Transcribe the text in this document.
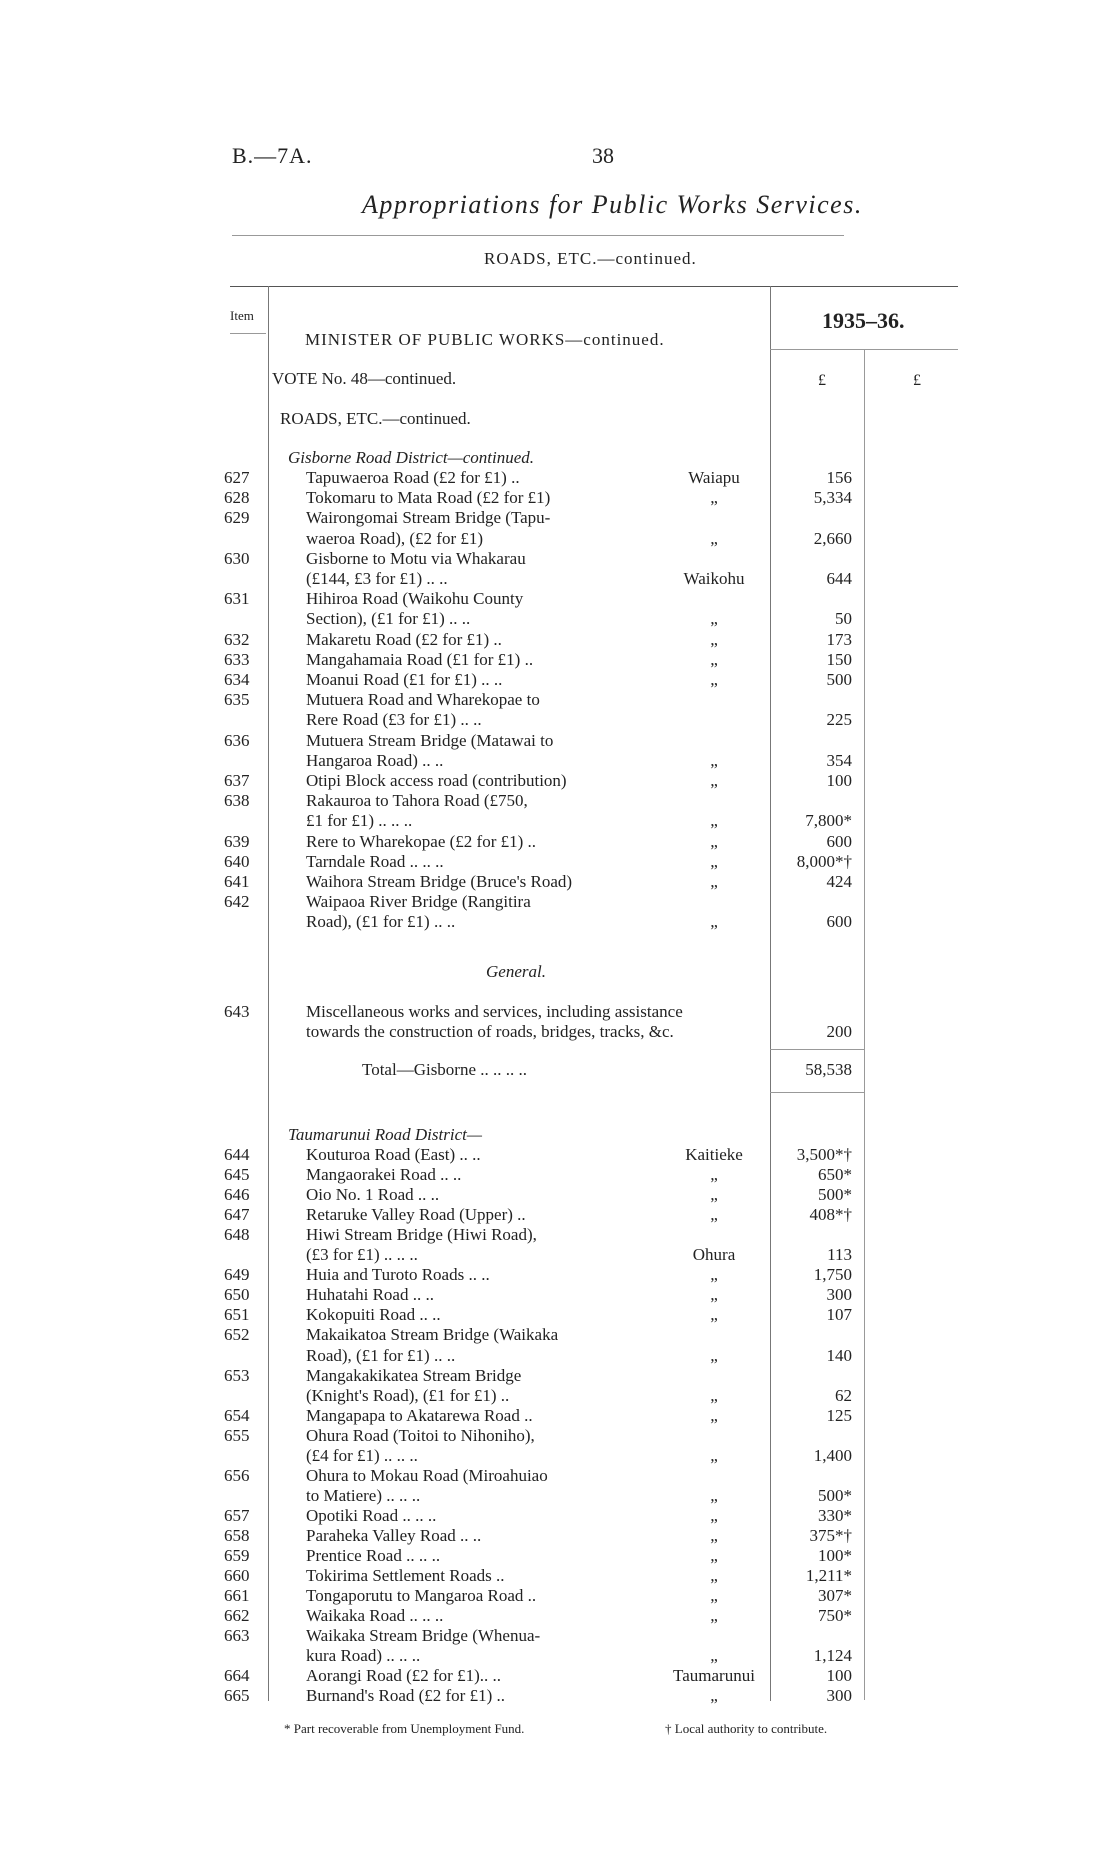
B.—7A.	38
Appropriations for Public Works Services.
ROADS, ETC.—continued.
Item
MINISTER OF PUBLIC WORKS—continued.
1935–36.
VOTE No. 48—continued.	£	£
ROADS, ETC.—continued.
Gisborne Road District—continued.
627	Tapuwaeroa Road (£2 for £1) ..	Waiapu	156
628	Tokomaru to Mata Road (£2 for £1)	„	5,334
629	Wairongomai Stream Bridge (Tapu-
waeroa Road), (£2 for £1)	„	2,660
630	Gisborne to Motu via Whakarau
(£144, £3 for £1) .. ..	Waikohu	644
631	Hihiroa Road (Waikohu County
Section), (£1 for £1) .. ..	„	50
632	Makaretu Road (£2 for £1) ..	„	173
633	Mangahamaia Road (£1 for £1) ..	„	150
634	Moanui Road (£1 for £1) .. ..	„	500
635	Mutuera Road and Wharekopae to
Rere Road (£3 for £1) .. ..	225
636	Mutuera Stream Bridge (Matawai to
Hangaroa Road) .. ..	„	354
637	Otipi Block access road (contribution)	„	100
638	Rakauroa to Tahora Road (£750,
£1 for £1) .. .. ..	„	7,800*
639	Rere to Wharekopae (£2 for £1) ..	„	600
640	Tarndale Road .. .. ..	„	8,000*†
641	Waihora Stream Bridge (Bruce's Road)	„	424
642	Waipaoa River Bridge (Rangitira
Road), (£1 for £1) .. ..	„	600
General.
643	Miscellaneous works and services, including assistance
towards the construction of roads, bridges, tracks, &c.	200
Total—Gisborne .. .. .. ..	58,538
Taumarunui Road District—
644	Kouturoa Road (East) .. ..	Kaitieke	3,500*†
645	Mangaorakei Road .. ..	„	650*
646	Oio No. 1 Road .. ..	„	500*
647	Retaruke Valley Road (Upper) ..	„	408*†
648	Hiwi Stream Bridge (Hiwi Road),
(£3 for £1) .. .. ..	Ohura	113
649	Huia and Turoto Roads .. ..	„	1,750
650	Huhatahi Road .. ..	„	300
651	Kokopuiti Road .. ..	„	107
652	Makaikatoa Stream Bridge (Waikaka
Road), (£1 for £1) .. ..	„	140
653	Mangakakikatea Stream Bridge
(Knight's Road), (£1 for £1) ..	„	62
654	Mangapapa to Akatarewa Road ..	„	125
655	Ohura Road (Toitoi to Nihoniho),
(£4 for £1) .. .. ..	„	1,400
656	Ohura to Mokau Road (Miroahuiao
to Matiere) .. .. ..	„	500*
657	Opotiki Road .. .. ..	„	330*
658	Paraheka Valley Road .. ..	„	375*†
659	Prentice Road .. .. ..	„	100*
660	Tokirima Settlement Roads ..	„	1,211*
661	Tongaporutu to Mangaroa Road ..	„	307*
662	Waikaka Road .. .. ..	„	750*
663	Waikaka Stream Bridge (Whenua-
kura Road) .. .. ..	„	1,124
664	Aorangi Road (£2 for £1).. ..	Taumarunui	100
665	Burnand's Road (£2 for £1) ..	„	300
* Part recoverable from Unemployment Fund.	† Local authority to contribute.
